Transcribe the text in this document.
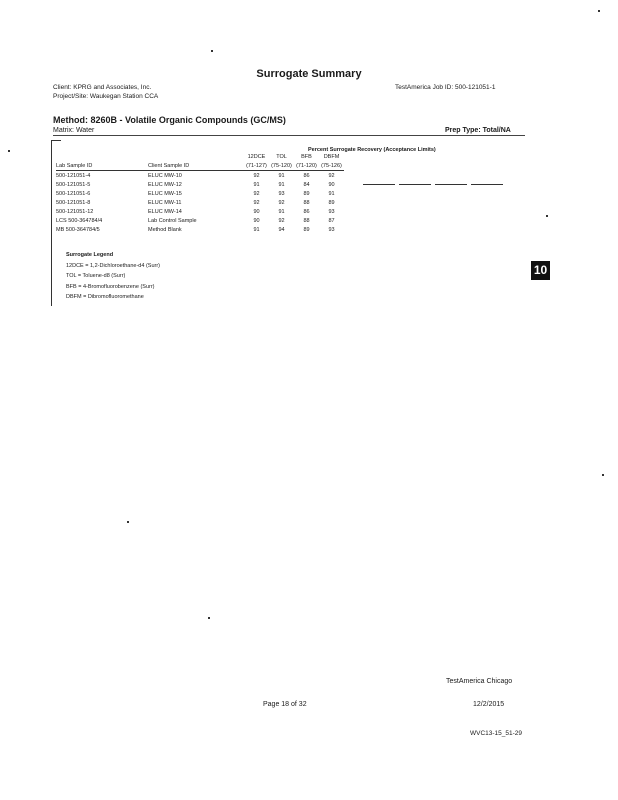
Surrogate Summary
Client: KPRG and Associates, Inc.
Project/Site: Waukegan Station CCA
TestAmerica Job ID: 500-121051-1
Method: 8260B - Volatile Organic Compounds (GC/MS)
Matrix: Water	Prep Type: Total/NA
Percent Surrogate Recovery (Acceptance Limits)
		12DCE	TOL	BFB	DBFM
Lab Sample ID	Client Sample ID	(71-127)	(75-120)	(71-120)	(75-126)
500-121051-4	ELUC MW-10	92	91	86	92
500-121051-5	ELUC MW-12	91	91	84	90
500-121051-6	ELUC MW-15	92	93	89	91
500-121051-8	ELUC MW-11	92	92	88	89
500-121051-12	ELUC MW-14	90	91	86	93
LCS 500-364784/4	Lab Control Sample	90	92	88	87
MB 500-364784/5	Method Blank	91	94	89	93
Surrogate Legend
12DCE = 1,2-Dichloroethane-d4 (Surr)
TOL = Toluene-d8 (Surr)
BFB = 4-Bromofluorobenzene (Surr)
DBFM = Dibromofluoromethane
10
TestAmerica Chicago
Page 18 of 32	12/2/2015
WVC13-15_51-29
